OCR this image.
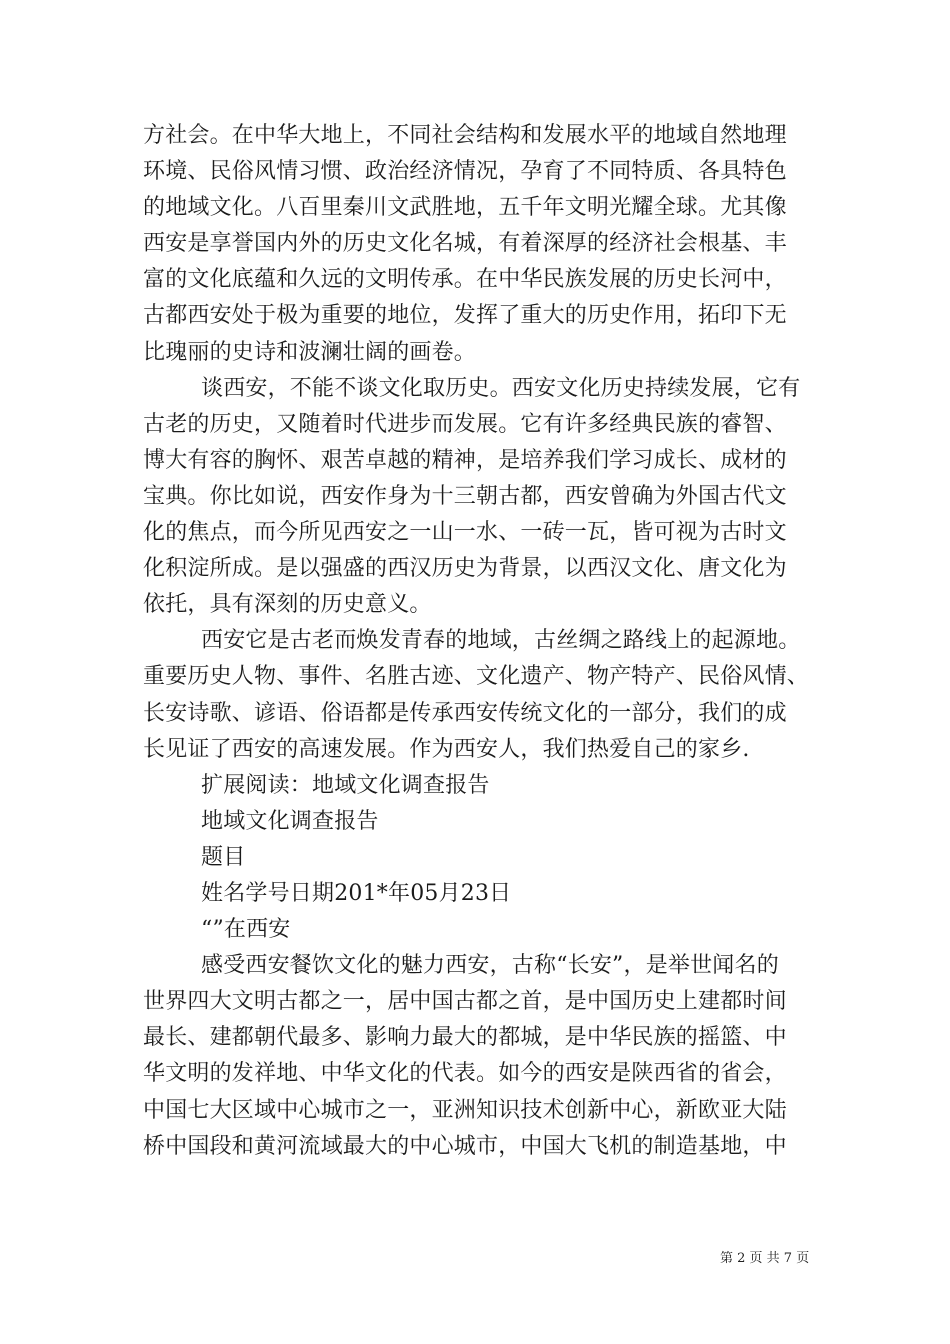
方社会。在中华大地上，不同社会结构和发展水平的地域自然地理
环境、民俗风情习惯、政治经济情况，孕育了不同特质、各具特色
的地域文化。八百里秦川文武胜地，五千年文明光耀全球。尤其像
西安是享誉国内外的历史文化名城，有着深厚的经济社会根基、丰
富的文化底蕴和久远的文明传承。在中华民族发展的历史长河中，
古都西安处于极为重要的地位，发挥了重大的历史作用，拓印下无
比瑰丽的史诗和波澜壮阔的画卷。
谈西安，不能不谈文化取历史。西安文化历史持续发展，它有
古老的历史，又随着时代进步而发展。它有许多经典民族的睿智、
博大有容的胸怀、艰苦卓越的精神，是培养我们学习成长、成材的
宝典。你比如说，西安作身为十三朝古都，西安曾确为外国古代文
化的焦点，而今所见西安之一山一水、一砖一瓦，皆可视为古时文
化积淀所成。是以强盛的西汉历史为背景，以西汉文化、唐文化为
依托，具有深刻的历史意义。
西安它是古老而焕发青春的地域，古丝绸之路线上的起源地。
重要历史人物、事件、名胜古迹、文化遗产、物产特产、民俗风情、
长安诗歌、谚语、俗语都是传承西安传统文化的一部分，我们的成
长见证了西安的高速发展。作为西安人，我们热爱自己的家乡.
扩展阅读：地域文化调查报告
地域文化调查报告
题目
姓名学号日期201*年05月23日
“”在西安
感受西安餐饮文化的魅力西安，古称“长安”，是举世闻名的
世界四大文明古都之一，居中国古都之首，是中国历史上建都时间
最长、建都朝代最多、影响力最大的都城，是中华民族的摇篮、中
华文明的发祥地、中华文化的代表。如今的西安是陕西省的省会，
中国七大区域中心城市之一，亚洲知识技术创新中心，新欧亚大陆
桥中国段和黄河流域最大的中心城市，中国大飞机的制造基地，中
第 2 页 共 7 页
